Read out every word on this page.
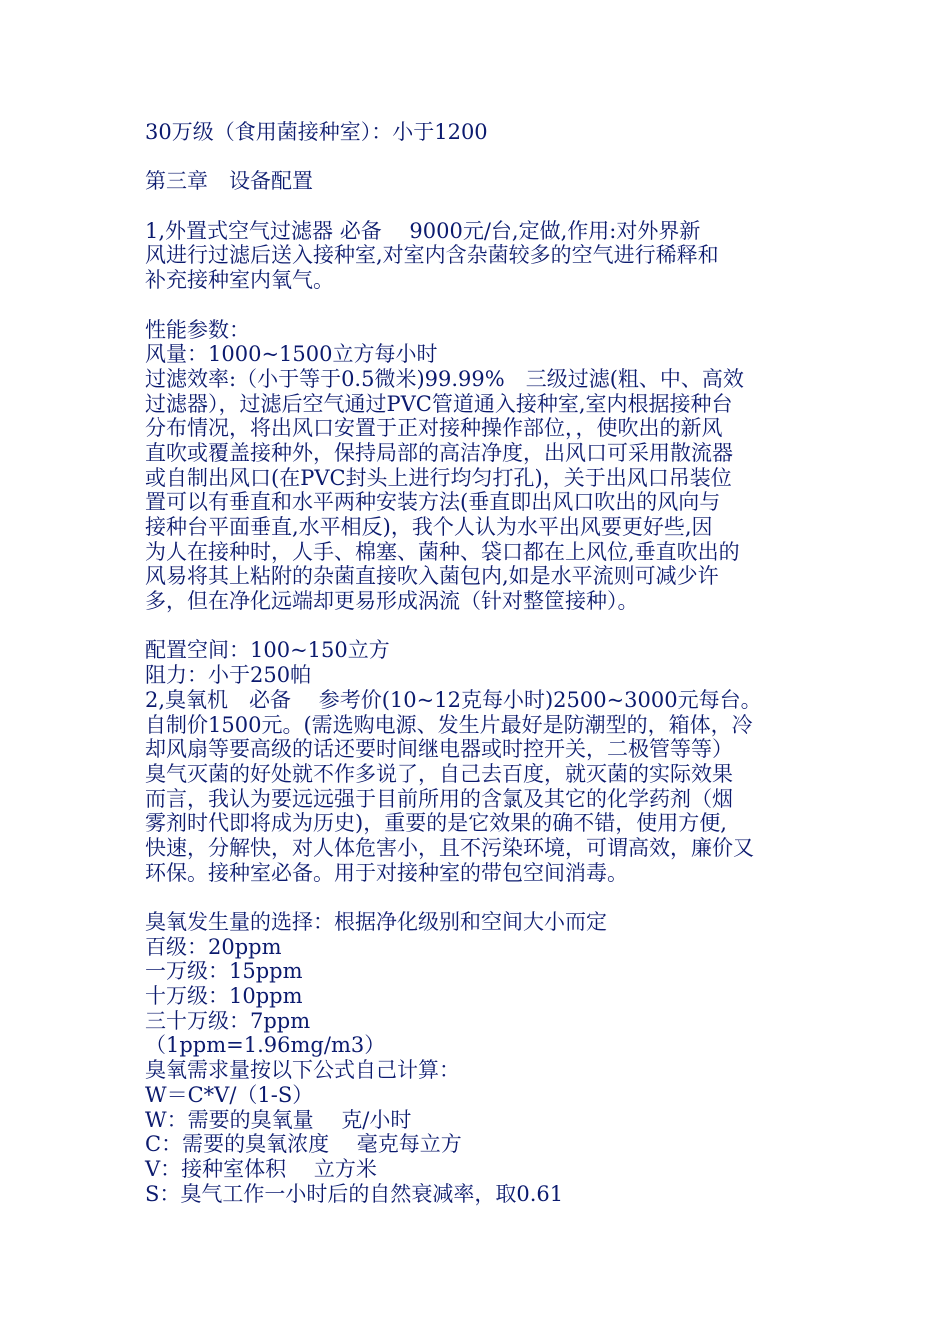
30万级（食用菌接种室）：小于1200
第三章　设备配置
1,外置式空气过滤器 必备　 9000元/台,定做,作用:对外界新
风进行过滤后送入接种室,对室内含杂菌较多的空气进行稀释和
补充接种室内氧气。
性能参数：
风量：1000~1500立方每小时
过滤效率:（小于等于0.5微米)99.99%　三级过滤(粗、中、高效
过滤器），过滤后空气通过PVC管道通入接种室,室内根据接种台
分布情况，将出风口安置于正对接种操作部位，，使吹出的新风
直吹或覆盖接种外，保持局部的高洁净度，出风口可采用散流器
或自制出风口(在PVC封头上进行均匀打孔)，关于出风口吊装位
置可以有垂直和水平两种安装方法(垂直即出风口吹出的风向与
接种台平面垂直,水平相反)，我个人认为水平出风要更好些,因
为人在接种时，人手、棉塞、菌种、袋口都在上风位,垂直吹出的
风易将其上粘附的杂菌直接吹入菌包内,如是水平流则可减少许
多，但在净化远端却更易形成涡流（针对整筐接种）。
配置空间：100~150立方
阻力：小于250帕
2,臭氧机　必备　 参考价(10~12克每小时)2500~3000元每台。
自制价1500元。(需选购电源、发生片最好是防潮型的，箱体，冷
却风扇等要高级的话还要时间继电器或时控开关，二极管等等）
臭气灭菌的好处就不作多说了，自己去百度，就灭菌的实际效果
而言，我认为要远远强于目前所用的含氯及其它的化学药剂（烟
雾剂时代即将成为历史)，重要的是它效果的确不错，使用方便,
快速，分解快，对人体危害小，且不污染环境，可谓高效，廉价又
环保。接种室必备。用于对接种室的带包空间消毒。
臭氧发生量的选择：根据净化级别和空间大小而定
百级：20ppm
一万级：15ppm
十万级：10ppm
三十万级：7ppm
（1ppm=1.96mg/m3）
臭氧需求量按以下公式自己计算：
W＝C*V/（1-S）
W：需要的臭氧量　 克/小时
C：需要的臭氧浓度　 毫克每立方
V：接种室体积　 立方米
S：臭气工作一小时后的自然衰减率，取0.61
